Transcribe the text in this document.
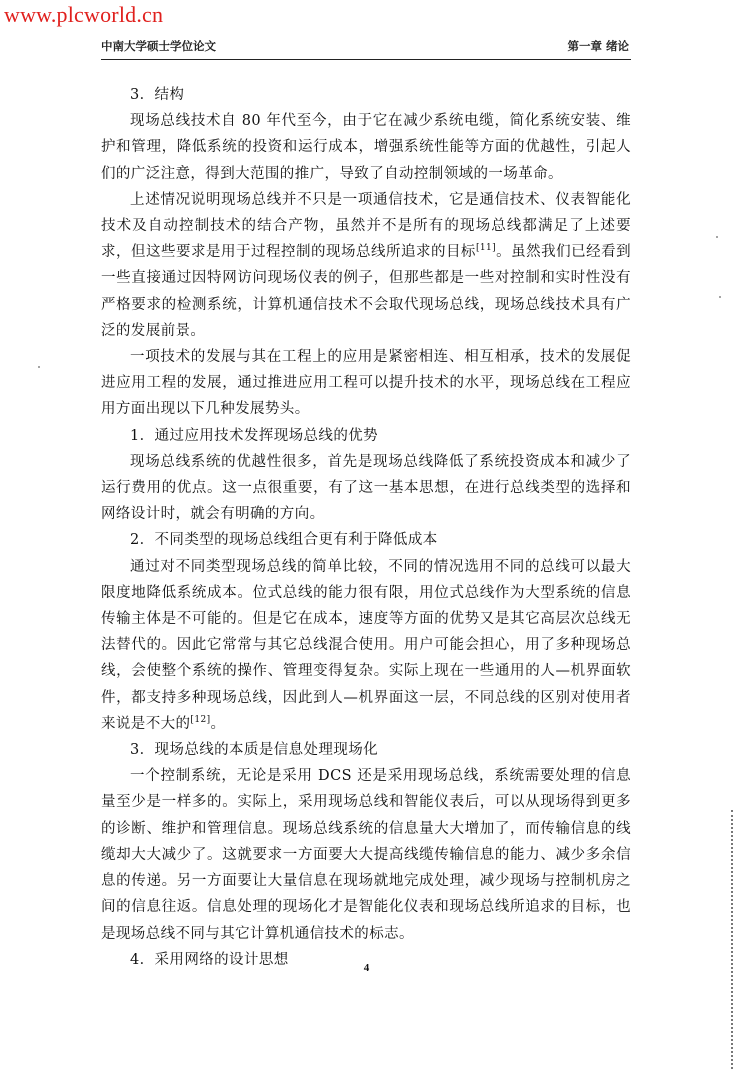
www.plcworld.cn
中南大学硕士学位论文	第一章 绪论
3．结构

现场总线技术自 80 年代至今，由于它在减少系统电缆，简化系统安装、维护和管理，降低系统的投资和运行成本，增强系统性能等方面的优越性，引起人们的广泛注意，得到大范围的推广，导致了自动控制领域的一场革命。

上述情况说明现场总线并不只是一项通信技术，它是通信技术、仪表智能化技术及自动控制技术的结合产物，虽然并不是所有的现场总线都满足了上述要求，但这些要求是用于过程控制的现场总线所追求的目标[11]。虽然我们已经看到一些直接通过因特网访问现场仪表的例子，但那些都是一些对控制和实时性没有严格要求的检测系统，计算机通信技术不会取代现场总线，现场总线技术具有广泛的发展前景。

一项技术的发展与其在工程上的应用是紧密相连、相互相承，技术的发展促进应用工程的发展，通过推进应用工程可以提升技术的水平，现场总线在工程应用方面出现以下几种发展势头。

1．通过应用技术发挥现场总线的优势

现场总线系统的优越性很多，首先是现场总线降低了系统投资成本和减少了运行费用的优点。这一点很重要，有了这一基本思想，在进行总线类型的选择和网络设计时，就会有明确的方向。

2．不同类型的现场总线组合更有利于降低成本

通过对不同类型现场总线的简单比较，不同的情况选用不同的总线可以最大限度地降低系统成本。位式总线的能力很有限，用位式总线作为大型系统的信息传输主体是不可能的。但是它在成本，速度等方面的优势又是其它高层次总线无法替代的。因此它常常与其它总线混合使用。用户可能会担心，用了多种现场总线，会使整个系统的操作、管理变得复杂。实际上现在一些通用的人—机界面软件，都支持多种现场总线，因此到人—机界面这一层，不同总线的区别对使用者来说是不大的[12]。

3．现场总线的本质是信息处理现场化

一个控制系统，无论是采用 DCS 还是采用现场总线，系统需要处理的信息量至少是一样多的。实际上，采用现场总线和智能仪表后，可以从现场得到更多的诊断、维护和管理信息。现场总线系统的信息量大大增加了，而传输信息的线缆却大大减少了。这就要求一方面要大大提高线缆传输信息的能力、减少多余信息的传递。另一方面要让大量信息在现场就地完成处理，减少现场与控制机房之间的信息往返。信息处理的现场化才是智能化仪表和现场总线所追求的目标，也是现场总线不同与其它计算机通信技术的标志。

4．采用网络的设计思想
4
